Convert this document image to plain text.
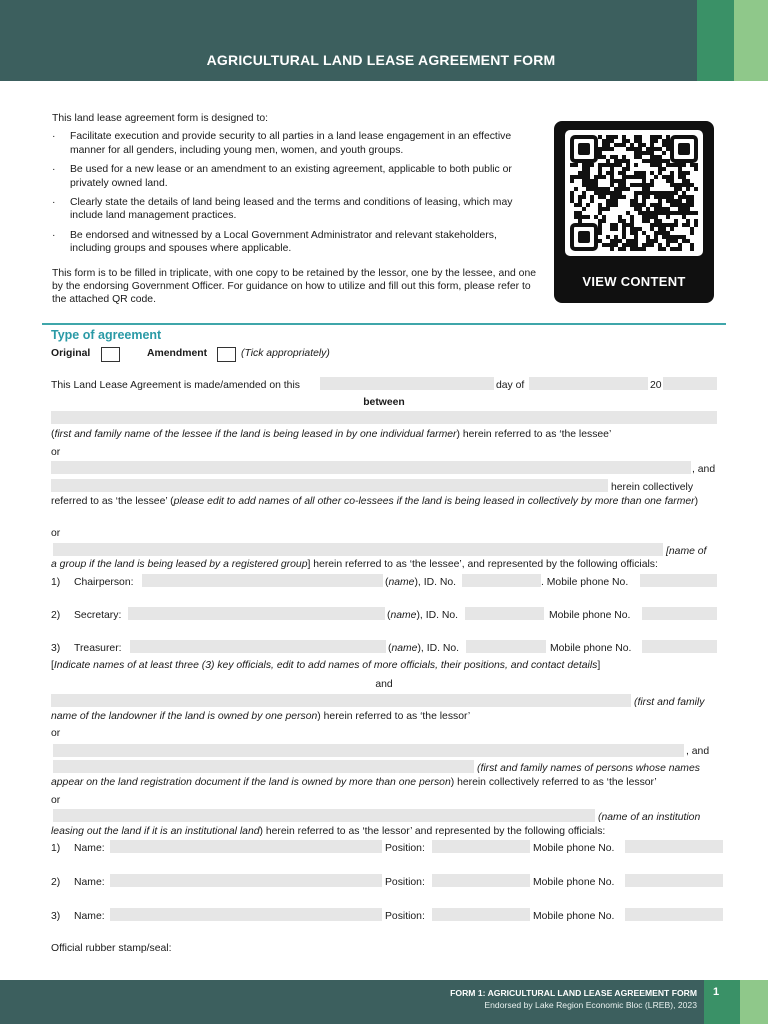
AGRICULTURAL LAND LEASE AGREEMENT FORM
This land lease agreement form is designed to:
· Facilitate execution and provide security to all parties in a land lease engagement in an effective manner for all genders, including young men, women, and youth groups.
· Be used for a new lease or an amendment to an existing agreement, applicable to both public or privately owned land.
· Clearly state the details of land being leased and the terms and conditions of leasing, which may include land management practices.
· Be endorsed and witnessed by a Local Government Administrator and relevant stakeholders, including groups and spouses where applicable.
This form is to be filled in triplicate, with one copy to be retained by the lessor, one by the lessee, and one by the endorsing Government Officer. For guidance on how to utilize and fill out this form, please refer to the attached QR code.
VIEW CONTENT
Type of agreement
Original	Amendment	(Tick appropriately)
This Land Lease Agreement is made/amended on this	day of	20
between
(first and family name of the lessee if the land is being leased in by one individual farmer) herein referred to as ‘the lessee’
or
, and
herein collectively
referred to as ‘the lessee’ (please edit to add names of all other co-lessees if the land is being leased in collectively by more than one farmer)
or
[name of
a group if the land is being leased by a registered group] herein referred to as ‘the lessee’, and represented by the following officials:
1) Chairperson:	(name), ID. No.	. Mobile phone No.
2) Secretary:	(name), ID. No.	Mobile phone No.
3) Treasurer:	(name), ID. No.	Mobile phone No.
[Indicate names of at least three (3) key officials, edit to add names of more officials, their positions, and contact details]
and
(first and family
name of the landowner if the land is owned by one person) herein referred to as ‘the lessor’
or
, and
(first and family names of persons whose names
appear on the land registration document if the land is owned by more than one person) herein collectively referred to as ‘the lessor’
or
(name of an institution
leasing out the land if it is an institutional land) herein referred to as ‘the lessor’ and represented by the following officials:
1) Name:	Position:	Mobile phone No.
2) Name:	Position:	Mobile phone No.
3) Name:	Position:	Mobile phone No.
Official rubber stamp/seal:
1
FORM 1: AGRICULTURAL LAND LEASE AGREEMENT FORM
Endorsed by Lake Region Economic Bloc (LREB), 2023
